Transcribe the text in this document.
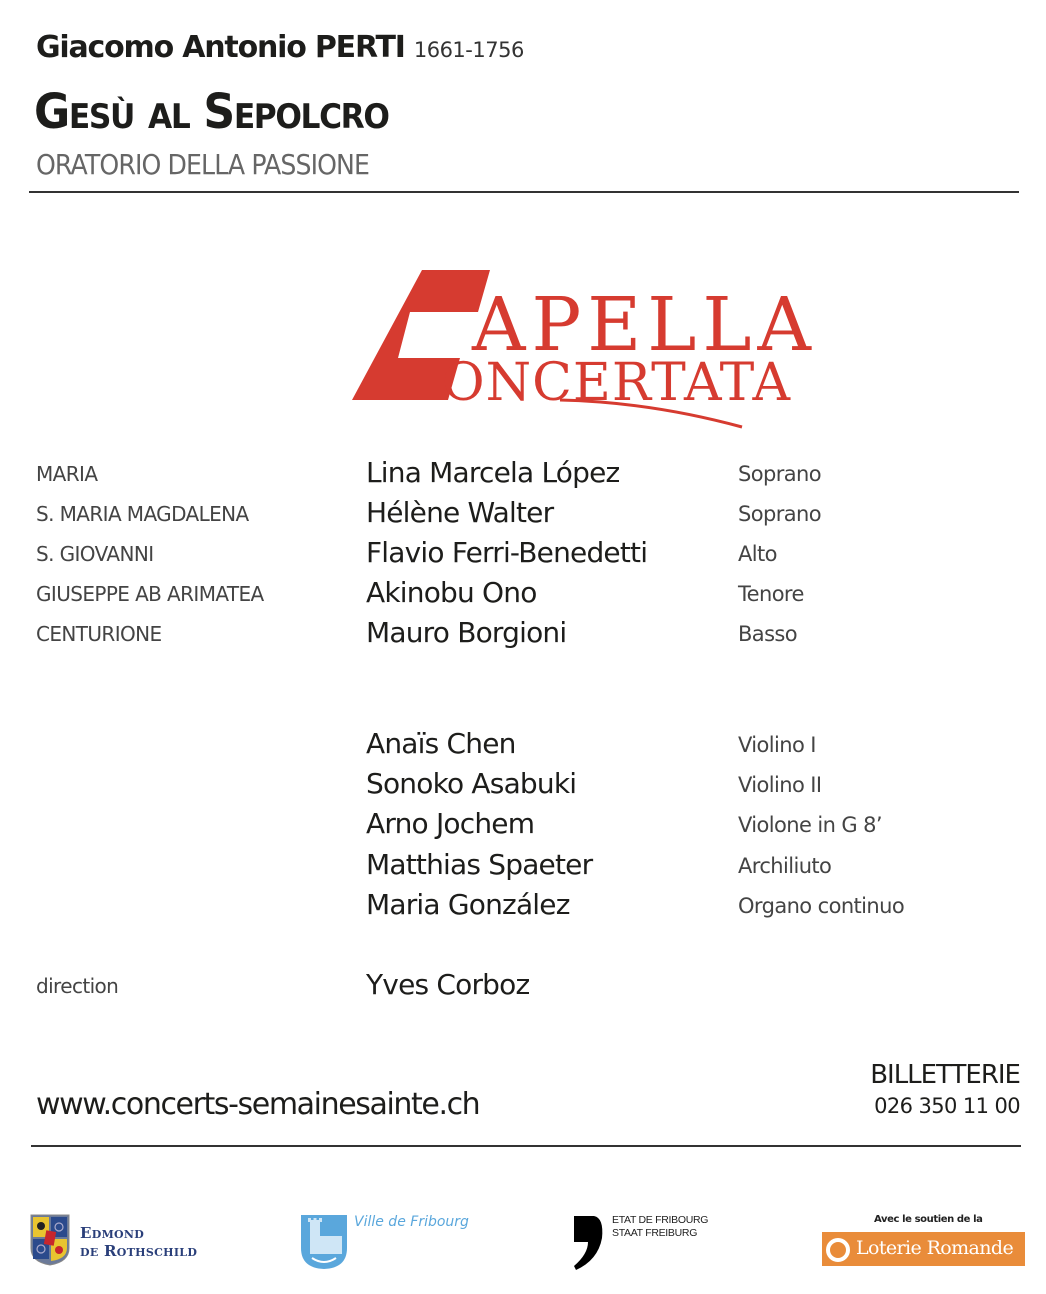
Giacomo Antonio PERTI 1661-1756
Gesù al Sepolcro
ORATORIO DELLA PASSIONE
APELLA
ONCERTATA
MARIA	Lina Marcela López	Soprano
S. MARIA MAGDALENA	Hélène Walter	Soprano
S. GIOVANNI	Flavio Ferri-Benedetti	Alto
GIUSEPPE AB ARIMATEA	Akinobu Ono	Tenore
CENTURIONE	Mauro Borgioni	Basso
Anaïs Chen	Violino I
Sonoko Asabuki	Violino II
Arno Jochem	Violone in G 8’
Matthias Spaeter	Archiliuto
Maria González	Organo continuo
direction	Yves Corboz
www.concerts-semainesainte.ch
BILLETTERIE
026 350 11 00
Edmond
de Rothschild
Ville de Fribourg	ETAT DE FRIBOURG
STAAT FREIBURG
Avec le soutien de la
Loterie Romande
